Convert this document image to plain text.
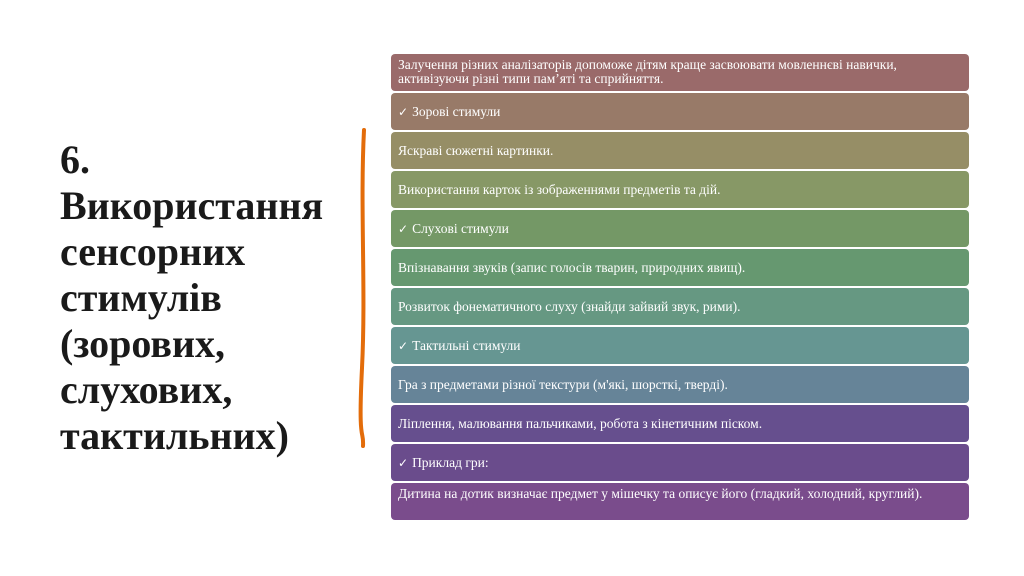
6.
Використання
сенсорних
стимулів
(зорових,
слухових,
тактильних)
Залучення різних аналізаторів допоможе дітям краще засвоювати мовленнєві навички, активізуючи різні типи пам’яті та сприйняття.
✓ Зорові стимули
Яскраві сюжетні картинки.
Використання карток із зображеннями предметів та дій.
✓ Слухові стимули
Впізнавання звуків (запис голосів тварин, природних явищ).
Розвиток фонематичного слуху (знайди зайвий звук, рими).
✓ Тактильні стимули
Гра з предметами різної текстури (м'які, шорсткі, тверді).
Ліплення, малювання пальчиками, робота з кінетичним піском.
✓ Приклад гри:
Дитина на дотик визначає предмет у мішечку та описує його (гладкий, холодний, круглий).
